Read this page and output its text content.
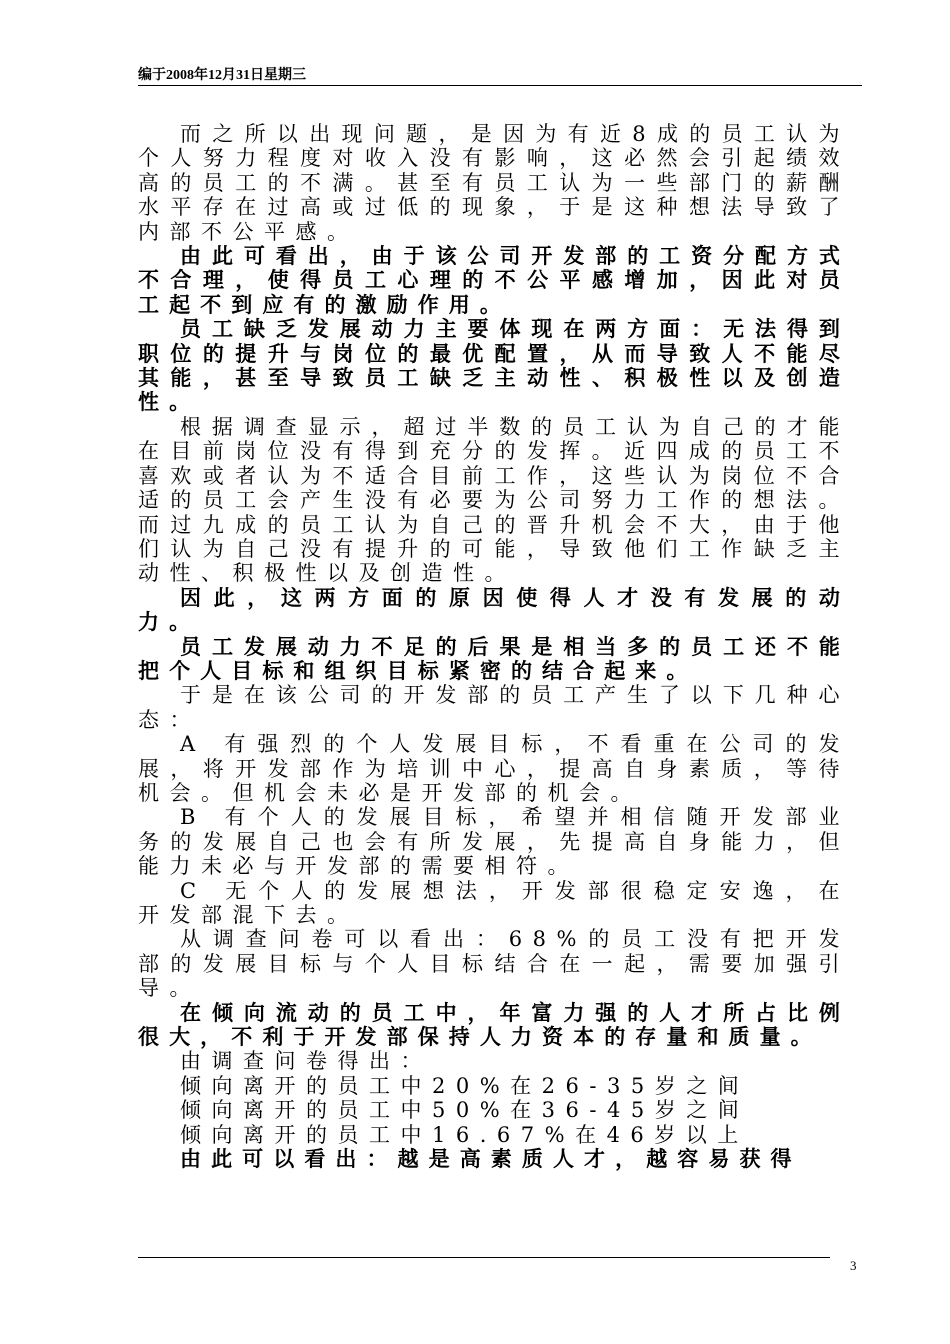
编于2008年12月31日星期三

而之所以出现问题，是因为有近8成的员工认为个人努力程度对收入没有影响，这必然会引起绩效高的员工的不满。甚至有员工认为一些部门的薪酬水平存在过高或过低的现象，于是这种想法导致了内部不公平感。

由此可看出，由于该公司开发部的工资分配方式不合理，使得员工心理的不公平感增加，因此对员工起不到应有的激励作用。

员工缺乏发展动力主要体现在两方面：无法得到职位的提升与岗位的最优配置，从而导致人不能尽其能，甚至导致员工缺乏主动性、积极性以及创造性。

根据调查显示，超过半数的员工认为自己的才能在目前岗位没有得到充分的发挥。近四成的员工不喜欢或者认为不适合目前工作，这些认为岗位不合适的员工会产生没有必要为公司努力工作的想法。而过九成的员工认为自己的晋升机会不大，由于他们认为自己没有提升的可能，导致他们工作缺乏主动性、积极性以及创造性。

因此，这两方面的原因使得人才没有发展的动力。

员工发展动力不足的后果是相当多的员工还不能把个人目标和组织目标紧密的结合起来。

于是在该公司的开发部的员工产生了以下几种心态：

A 有强烈的个人发展目标，不看重在公司的发展，将开发部作为培训中心，提高自身素质，等待机会。但机会未必是开发部的机会。

B 有个人的发展目标，希望并相信随开发部业务的发展自己也会有所发展，先提高自身能力，但能力未必与开发部的需要相符。

C 无个人的发展想法，开发部很稳定安逸，在开发部混下去。

从调查问卷可以看出：68%的员工没有把开发部的发展目标与个人目标结合在一起，需要加强引导。

在倾向流动的员工中，年富力强的人才所占比例很大，不利于开发部保持人力资本的存量和质量。

由调查问卷得出：

倾向离开的员工中20%在26-35岁之间

倾向离开的员工中50%在36-45岁之间

倾向离开的员工中16.67%在46岁以上

由此可以看出：越是高素质人才，越容易获得

3
